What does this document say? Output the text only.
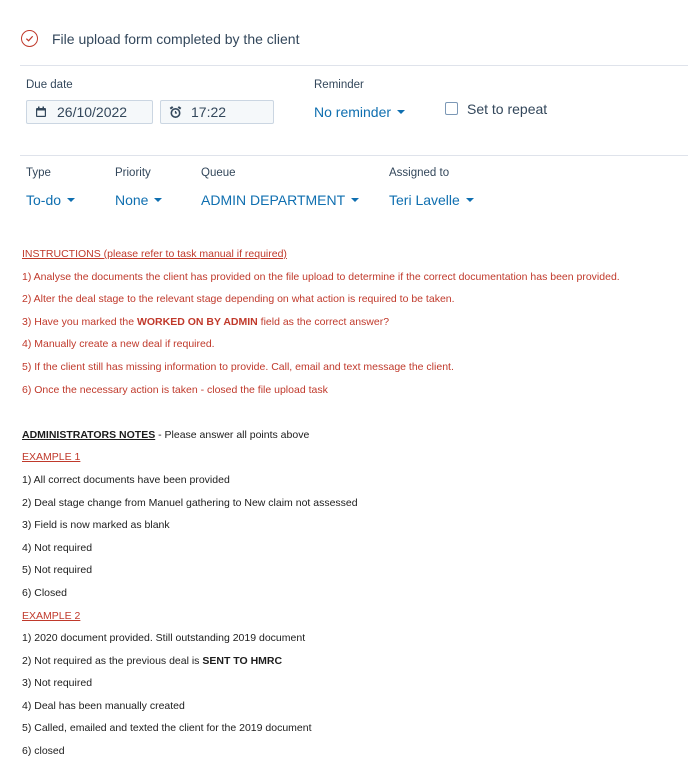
File upload form completed by the client
Due date	Reminder
26/10/2022	17:22	No reminder	Set to repeat
Type	Priority	Queue	Assigned to
To-do	None	ADMIN DEPARTMENT	Teri Lavelle
INSTRUCTIONS (please refer to task manual if required)
1) Analyse the documents the client has provided on the file upload to determine if the correct documentation has been provided.
2) Alter the deal stage to the relevant stage depending on what action is required to be taken.
3) Have you marked the WORKED ON BY ADMIN field as the correct answer?
4) Manually create a new deal if required.
5) If the client still has missing information to provide. Call, email and text message the client.
6) Once the necessary action is taken - closed the file upload task
ADMINISTRATORS NOTES - Please answer all points above
EXAMPLE 1
1) All correct documents have been provided
2) Deal stage change from Manuel gathering to New claim not assessed
3) Field is now marked as blank
4) Not required
5) Not required
6) Closed
EXAMPLE 2
1) 2020 document provided. Still outstanding 2019 document
2) Not required as the previous deal is SENT TO HMRC
3) Not required
4) Deal has been manually created
5) Called, emailed and texted the client for the 2019 document
6) closed
